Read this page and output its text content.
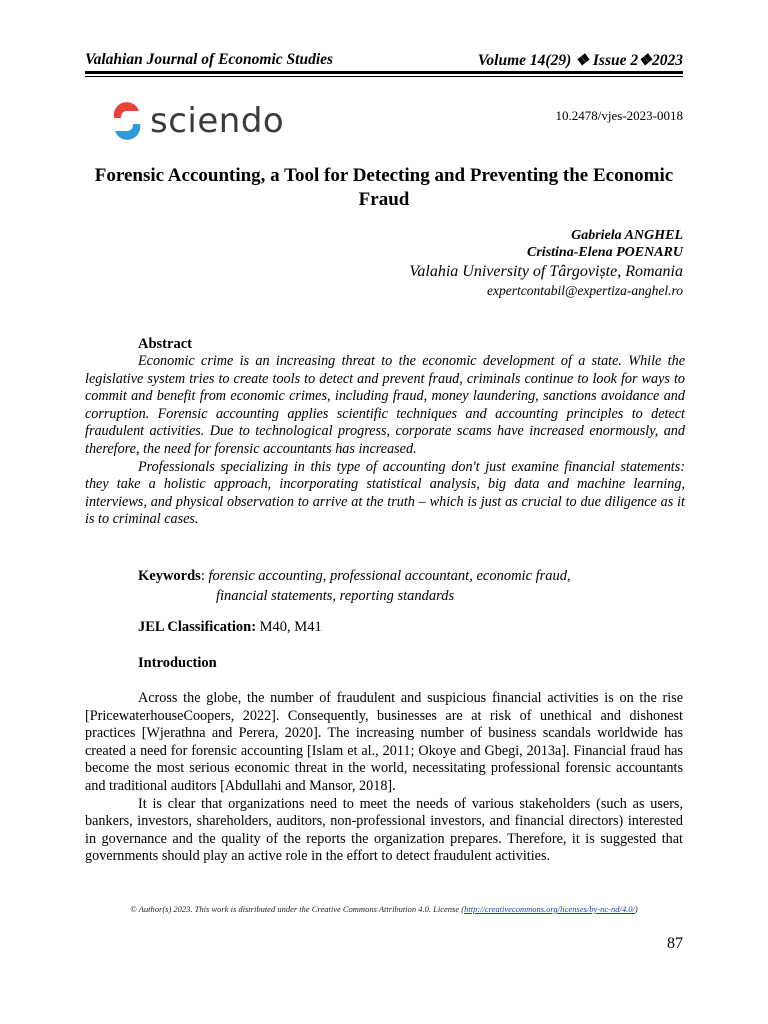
Valahian Journal of Economic Studies	Volume 14(29) ❖ Issue 2❖2023
sciendo	10.2478/vjes-2023-0018
Forensic Accounting, a Tool for Detecting and Preventing the Economic Fraud
Gabriela ANGHEL
Cristina-Elena POENARU
Valahia University of Târgoviște, Romania
expertcontabil@expertiza-anghel.ro
Abstract

Economic crime is an increasing threat to the economic development of a state. While the legislative system tries to create tools to detect and prevent fraud, criminals continue to look for ways to commit and benefit from economic crimes, including fraud, money laundering, sanctions avoidance and corruption. Forensic accounting applies scientific techniques and accounting principles to detect fraudulent activities. Due to technological progress, corporate scams have increased enormously, and therefore, the need for forensic accountants has increased.

Professionals specializing in this type of accounting don't just examine financial statements: they take a holistic approach, incorporating statistical analysis, big data and machine learning, interviews, and physical observation to arrive at the truth – which is just as crucial to due diligence as it is to criminal cases.

Keywords: forensic accounting, professional accountant, economic fraud,
financial statements, reporting standards
JEL Classification: M40, M41
Introduction

Across the globe, the number of fraudulent and suspicious financial activities is on the rise [PricewaterhouseCoopers, 2022]. Consequently, businesses are at risk of unethical and dishonest practices [Wjerathna and Perera, 2020]. The increasing number of business scandals worldwide has created a need for forensic accounting [Islam et al., 2011; Okoye and Gbegi, 2013a]. Financial fraud has become the most serious economic threat in the world, necessitating professional forensic accountants and traditional auditors [Abdullahi and Mansor, 2018].

It is clear that organizations need to meet the needs of various stakeholders (such as users, bankers, investors, shareholders, auditors, non-professional investors, and financial directors) interested in governance and the quality of the reports the organization prepares. Therefore, it is suggested that governments should play an active role in the effort to detect fraudulent activities.

© Author(s) 2023. This work is distributed under the Creative Commons Attribution 4.0. License (http://creativecommons.org/licenses/by-nc-nd/4.0/)
87
